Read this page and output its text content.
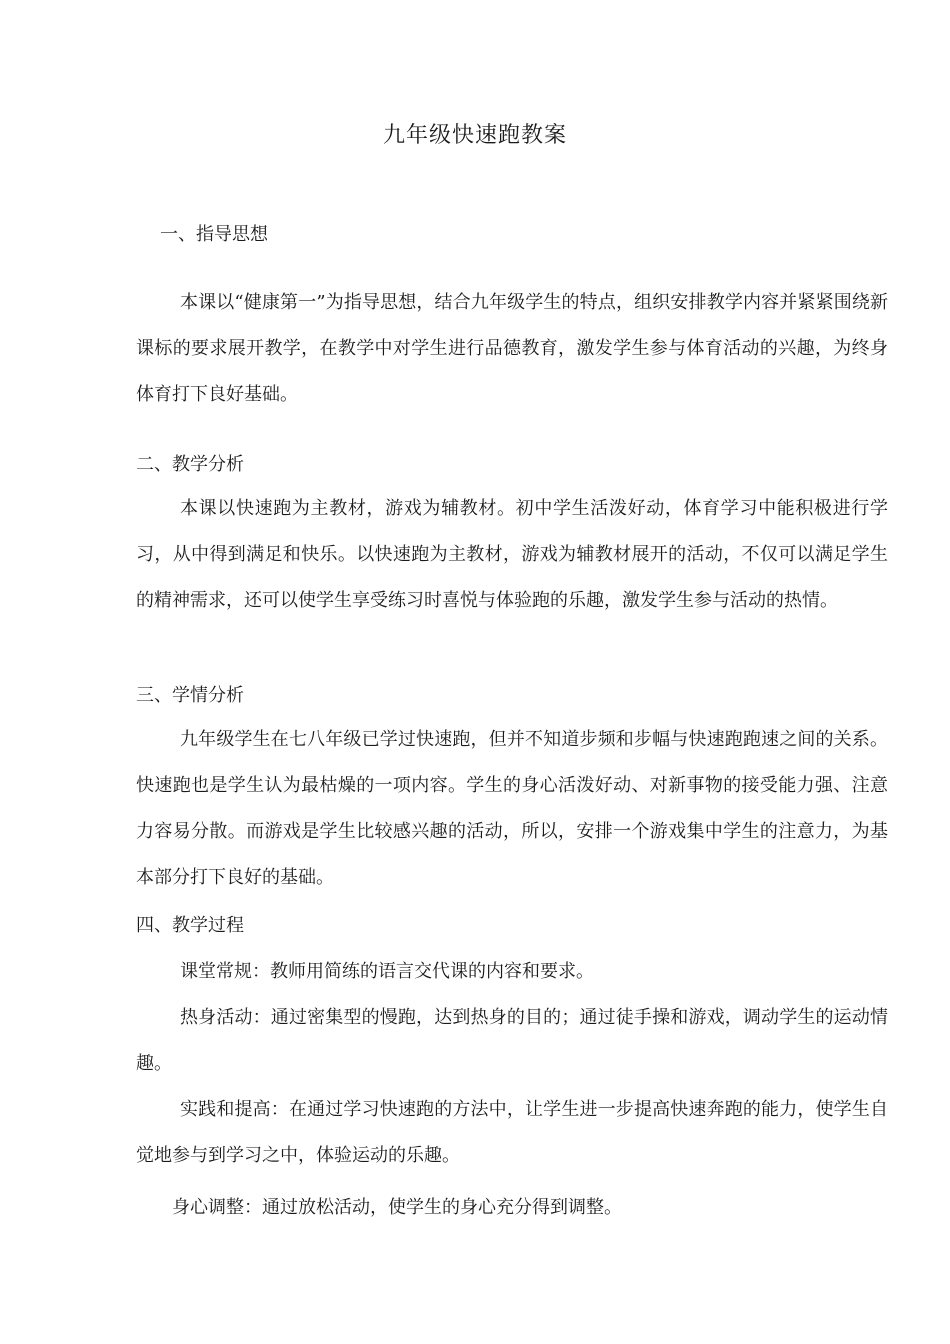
九年级快速跑教案
一、指导思想
本课以“健康第一”为指导思想，结合九年级学生的特点，组织安排教学内容并紧紧围绕新课标的要求展开教学，在教学中对学生进行品德教育，激发学生参与体育活动的兴趣，为终身体育打下良好基础。
二、教学分析
本课以快速跑为主教材，游戏为辅教材。初中学生活泼好动，体育学习中能积极进行学习，从中得到满足和快乐。以快速跑为主教材，游戏为辅教材展开的活动，不仅可以满足学生的精神需求，还可以使学生享受练习时喜悦与体验跑的乐趣，激发学生参与活动的热情。
三、学情分析
九年级学生在七八年级已学过快速跑，但并不知道步频和步幅与快速跑跑速之间的关系。快速跑也是学生认为最枯燥的一项内容。学生的身心活泼好动、对新事物的接受能力强、注意力容易分散。而游戏是学生比较感兴趣的活动，所以，安排一个游戏集中学生的注意力，为基本部分打下良好的基础。
四、教学过程
课堂常规：教师用简练的语言交代课的内容和要求。
热身活动：通过密集型的慢跑，达到热身的目的；通过徒手操和游戏，调动学生的运动情趣。
实践和提高：在通过学习快速跑的方法中，让学生进一步提高快速奔跑的能力，使学生自觉地参与到学习之中，体验运动的乐趣。
身心调整：通过放松活动，使学生的身心充分得到调整。
